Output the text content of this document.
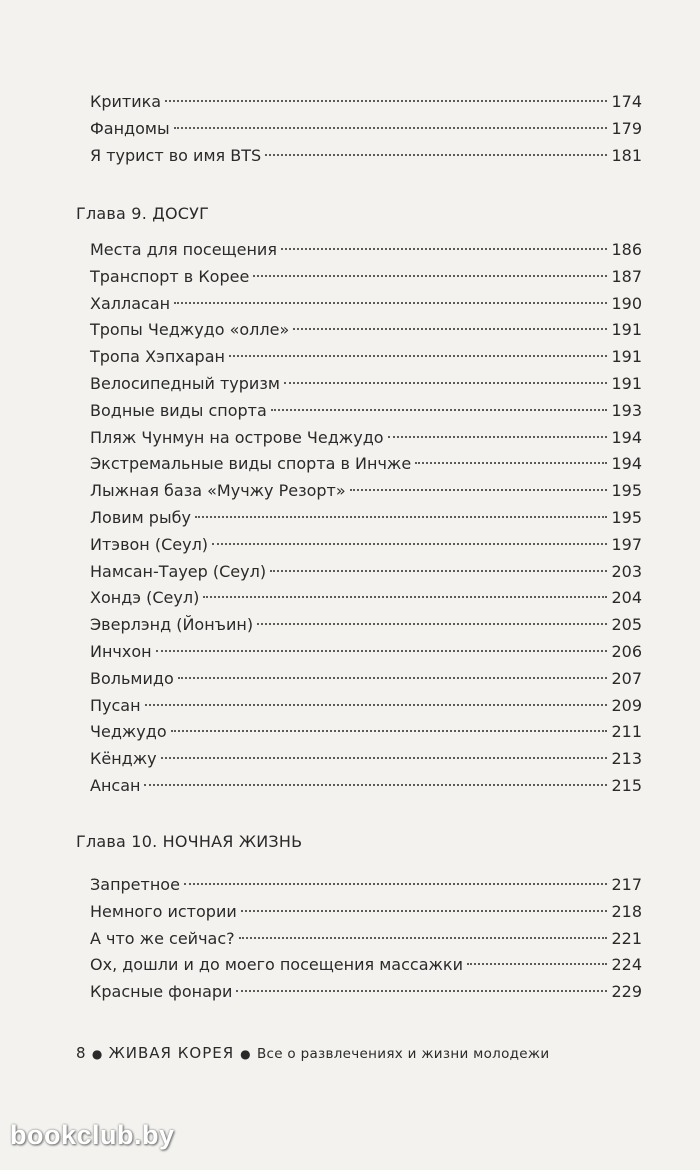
Критика	174
Фандомы	179
Я турист во имя BTS	181
Глава 9. ДОСУГ
Места для посещения	186
Транспорт в Корее	187
Халласан	190
Тропы Чеджудо «олле»	191
Тропа Хэпхаран	191
Велосипедный туризм	191
Водные виды спорта	193
Пляж Чунмун на острове Чеджудо	194
Экстремальные виды спорта в Инчже	194
Лыжная база «Мучжу Резорт»	195
Ловим рыбу	195
Итэвон (Сеул)	197
Намсан-Тауер (Сеул)	203
Хондэ (Сеул)	204
Эверлэнд (Йонъин)	205
Инчхон	206
Вольмидо	207
Пусан	209
Чеджудо	211
Кёнджу	213
Ансан	215
Глава 10. НОЧНАЯ ЖИЗНЬ
Запретное	217
Немного истории	218
А что же сейчас?	221
Ох, дошли и до моего посещения массажки	224
Красные фонари	229
8 ● ЖИВАЯ КОРЕЯ ● Все о развлечениях и жизни молодежи
bookclub.by
